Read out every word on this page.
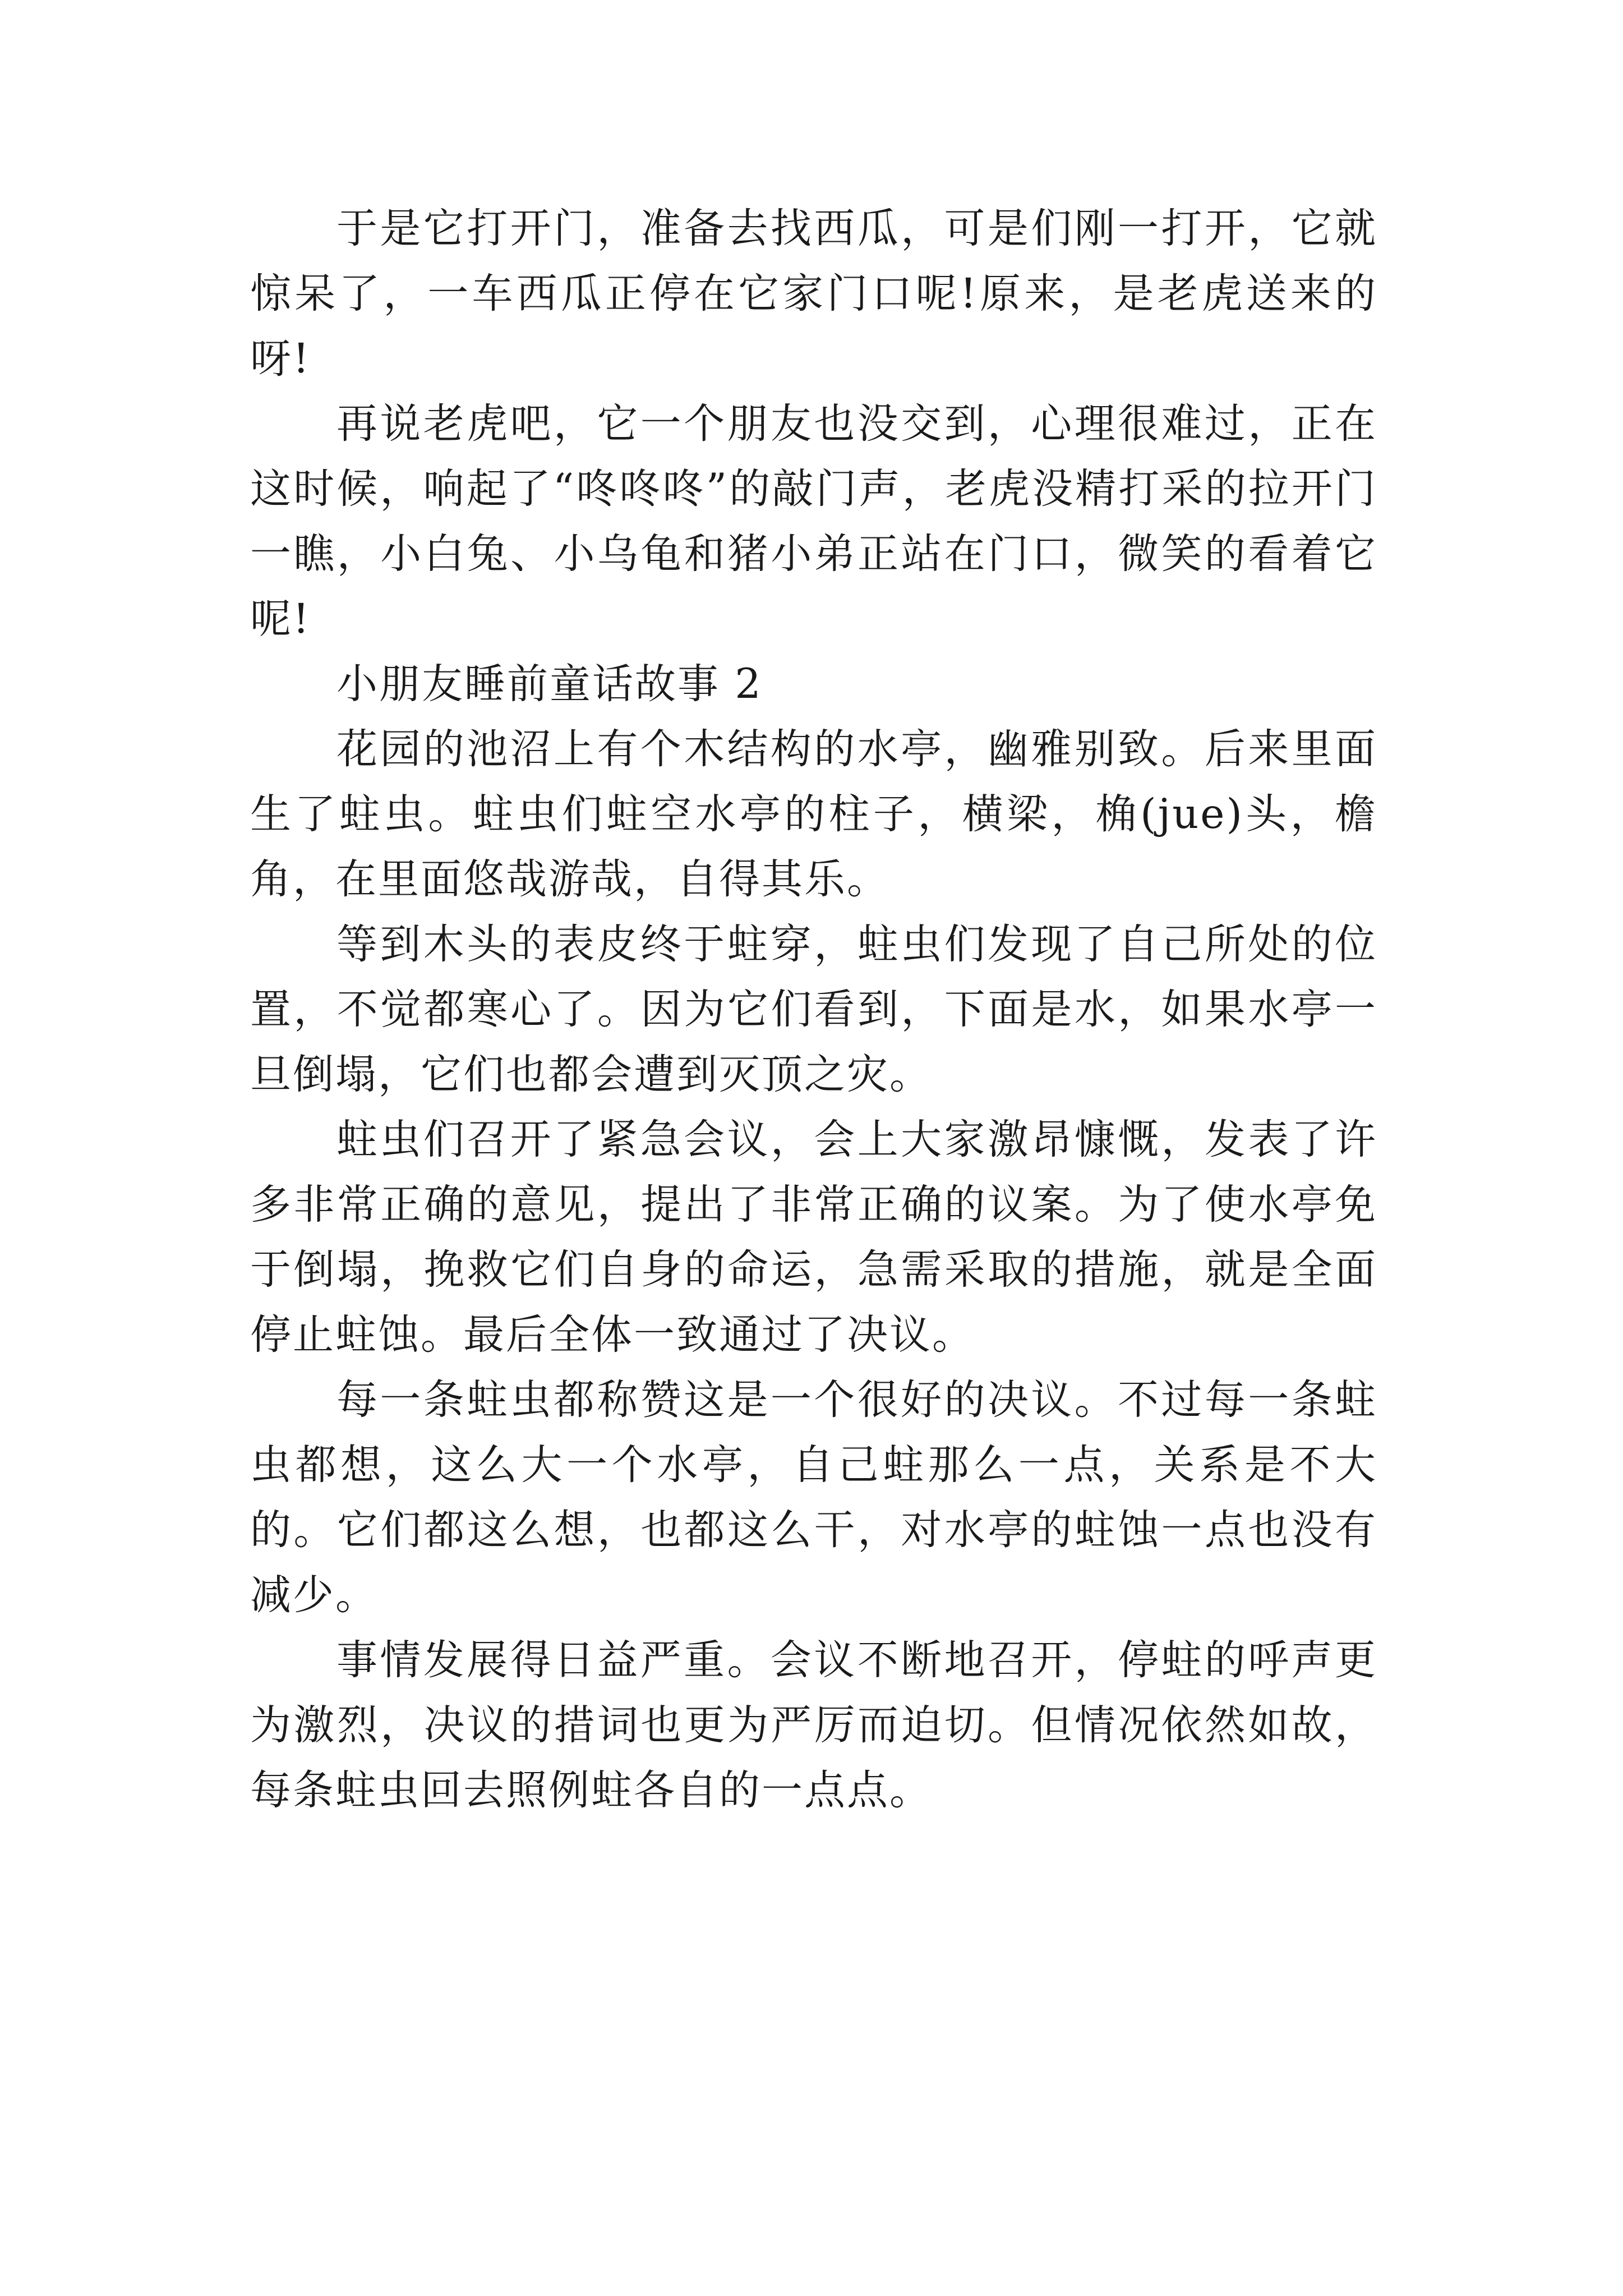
于是它打开门，准备去找西瓜，可是们刚一打开，它就惊呆了，一车西瓜正停在它家门口呢!原来，是老虎送来的呀!

再说老虎吧，它一个朋友也没交到，心理很难过，正在这时候，响起了“咚咚咚”的敲门声，老虎没精打采的拉开门一瞧，小白兔、小乌龟和猪小弟正站在门口，微笑的看着它呢!

小朋友睡前童话故事 2

花园的池沼上有个木结构的水亭，幽雅别致。后来里面生了蛀虫。蛀虫们蛀空水亭的柱子，横梁，桷(jue)头，檐角，在里面悠哉游哉，自得其乐。

等到木头的表皮终于蛀穿，蛀虫们发现了自己所处的位置，不觉都寒心了。因为它们看到，下面是水，如果水亭一旦倒塌，它们也都会遭到灭顶之灾。

蛀虫们召开了紧急会议，会上大家激昂慷慨，发表了许多非常正确的意见，提出了非常正确的议案。为了使水亭免于倒塌，挽救它们自身的命运，急需采取的措施，就是全面停止蛀蚀。最后全体一致通过了决议。

每一条蛀虫都称赞这是一个很好的决议。不过每一条蛀虫都想，这么大一个水亭，自己蛀那么一点，关系是不大的。它们都这么想，也都这么干，对水亭的蛀蚀一点也没有减少。

事情发展得日益严重。会议不断地召开，停蛀的呼声更为激烈，决议的措词也更为严厉而迫切。但情况依然如故，每条蛀虫回去照例蛀各自的一点点。
